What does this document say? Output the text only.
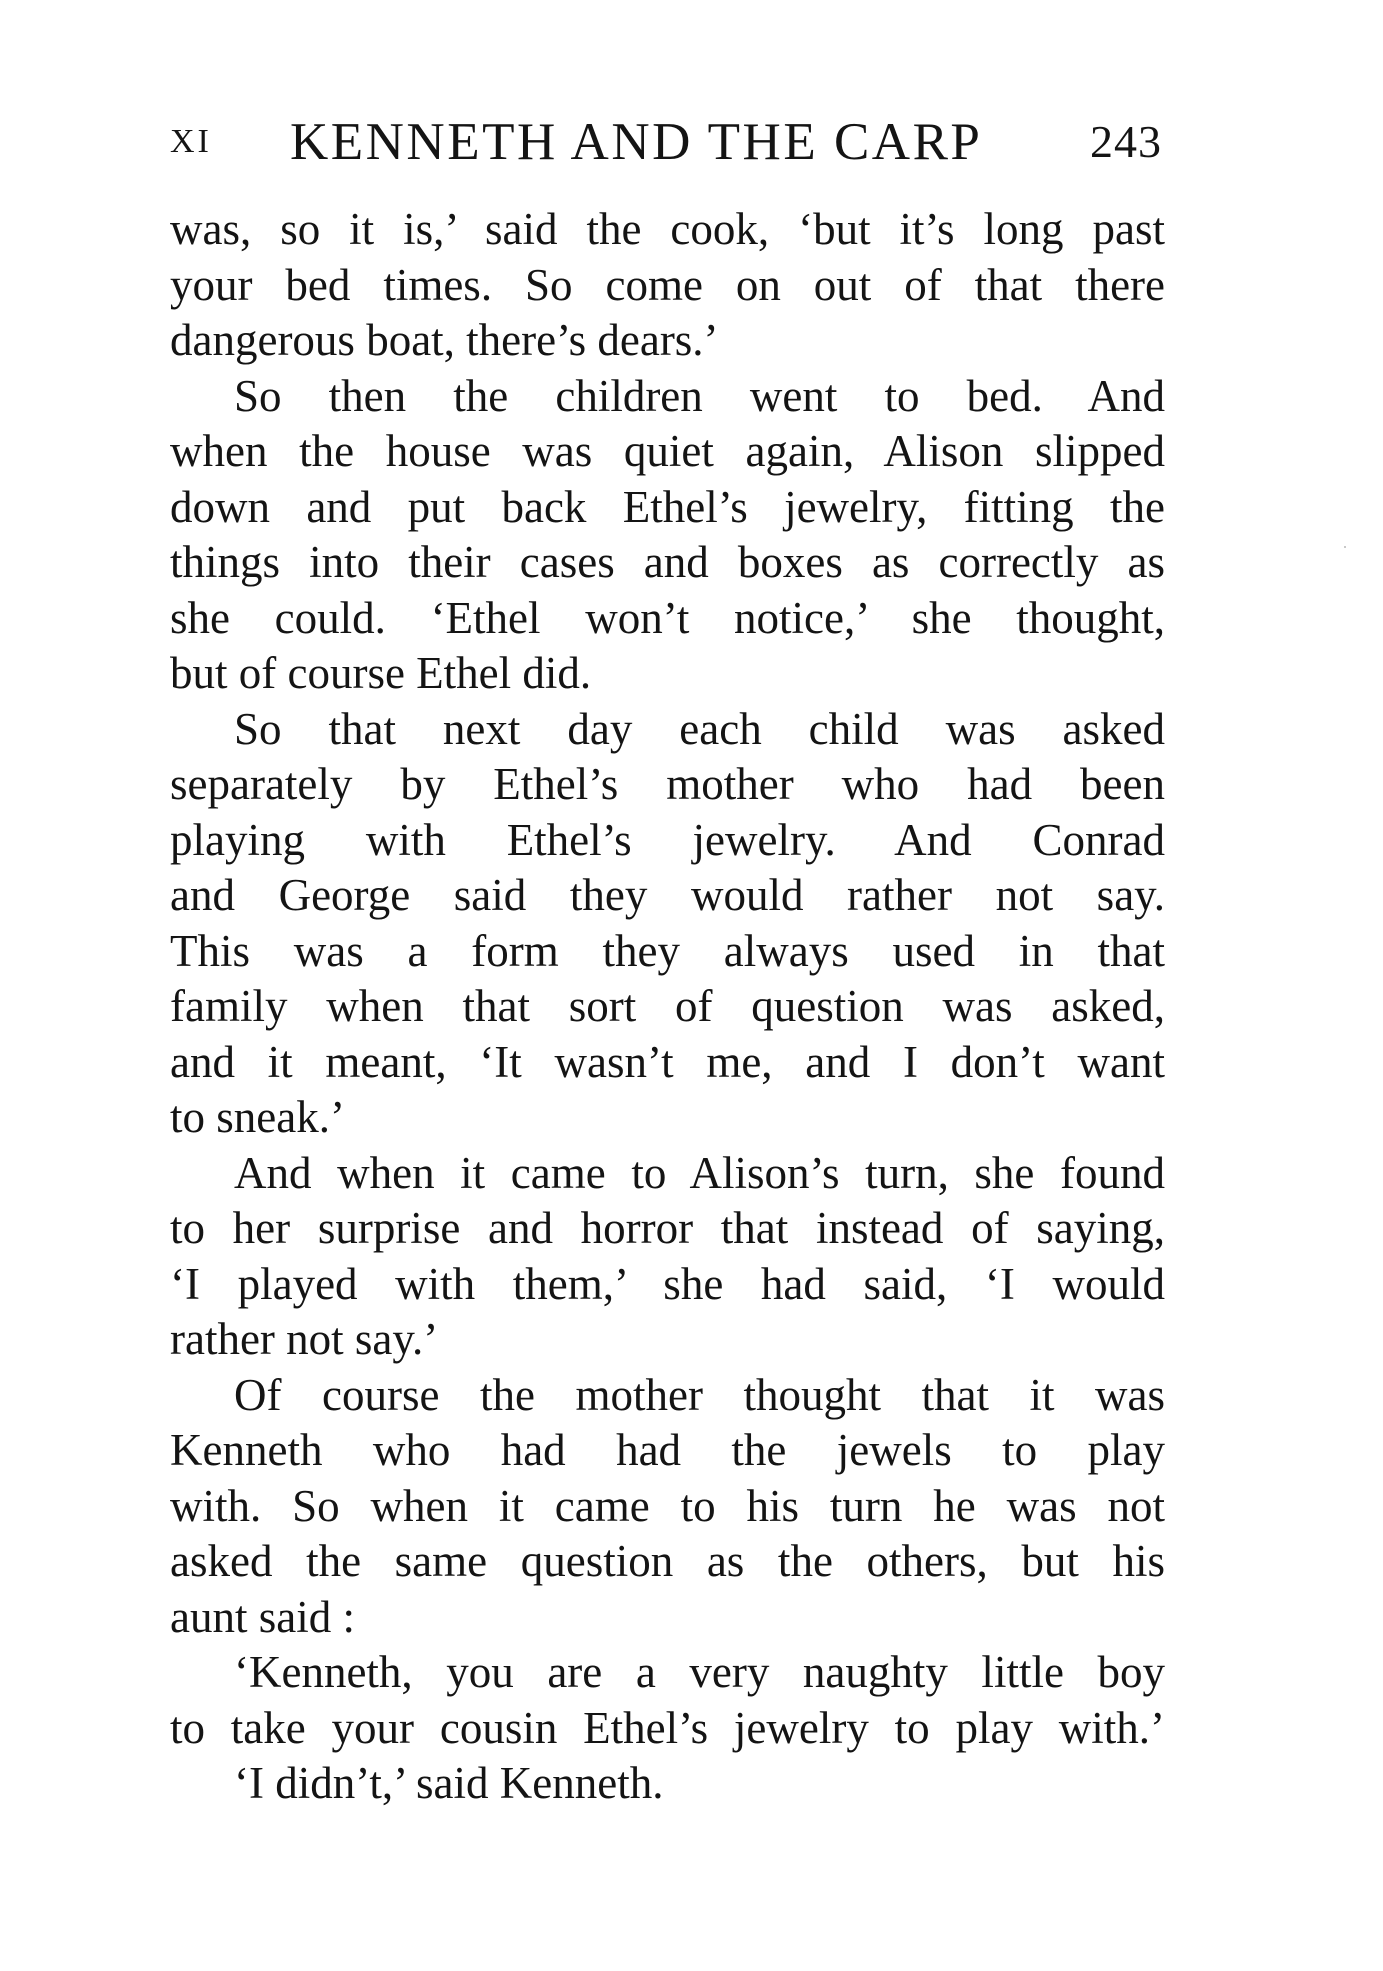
XI KENNETH AND THE CARP 243
was, so it is,’ said the cook, ‘but it’s long past
your bed times. So come on out of that there
dangerous boat, there’s dears.’
So then the children went to bed. And
when the house was quiet again, Alison slipped
down and put back Ethel’s jewelry, fitting the
things into their cases and boxes as correctly as
she could. ‘Ethel won’t notice,’ she thought,
but of course Ethel did.
So that next day each child was asked
separately by Ethel’s mother who had been
playing with Ethel’s jewelry. And Conrad
and George said they would rather not say.
This was a form they always used in that
family when that sort of question was asked,
and it meant, ‘It wasn’t me, and I don’t want
to sneak.’
And when it came to Alison’s turn, she found
to her surprise and horror that instead of saying,
‘I played with them,’ she had said, ‘I would
rather not say.’
Of course the mother thought that it was
Kenneth who had had the jewels to play
with. So when it came to his turn he was not
asked the same question as the others, but his
aunt said :
‘Kenneth, you are a very naughty little boy
to take your cousin Ethel’s jewelry to play with.’
‘I didn’t,’ said Kenneth.
